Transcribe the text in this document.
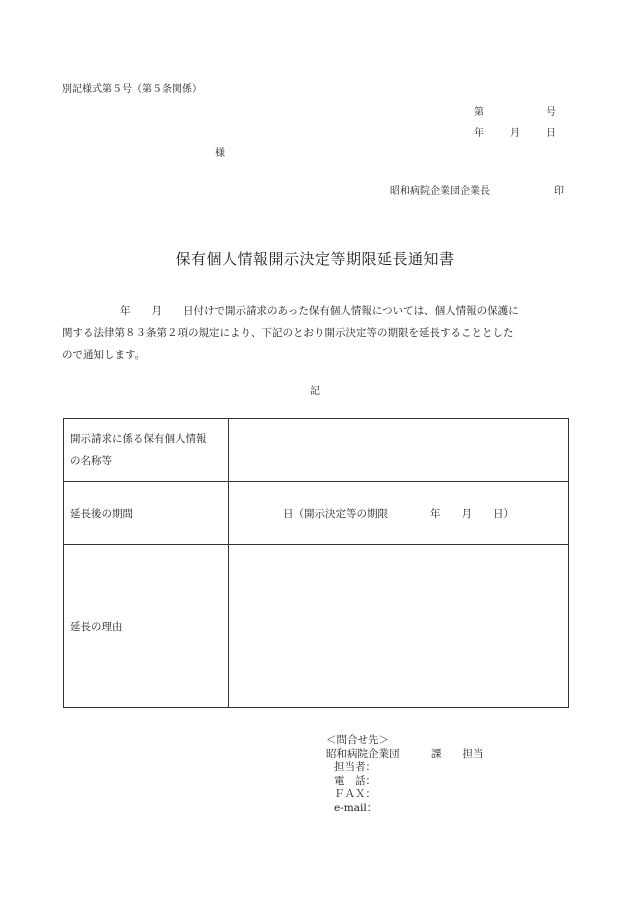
別記様式第５号（第５条関係）
第	号
年	月	日
様
昭和病院企業団企業長	印
保有個人情報開示決定等期限延長通知書
年　　月　　日付けで開示請求のあった保有個人情報については、個人情報の保護に
関する法律第８３条第２項の規定により、下記のとおり開示決定等の期限を延長することとした
ので通知します。
記
開示請求に係る保有個人情報
の名称等	
延長後の期間	日（開示決定等の期限　　　　年　　月　　日）
延長の理由	
＜問合せ先＞
昭和病院企業団　　　課　　担当
担当者：
電　話：
ＦＡＸ：
e-mail：
